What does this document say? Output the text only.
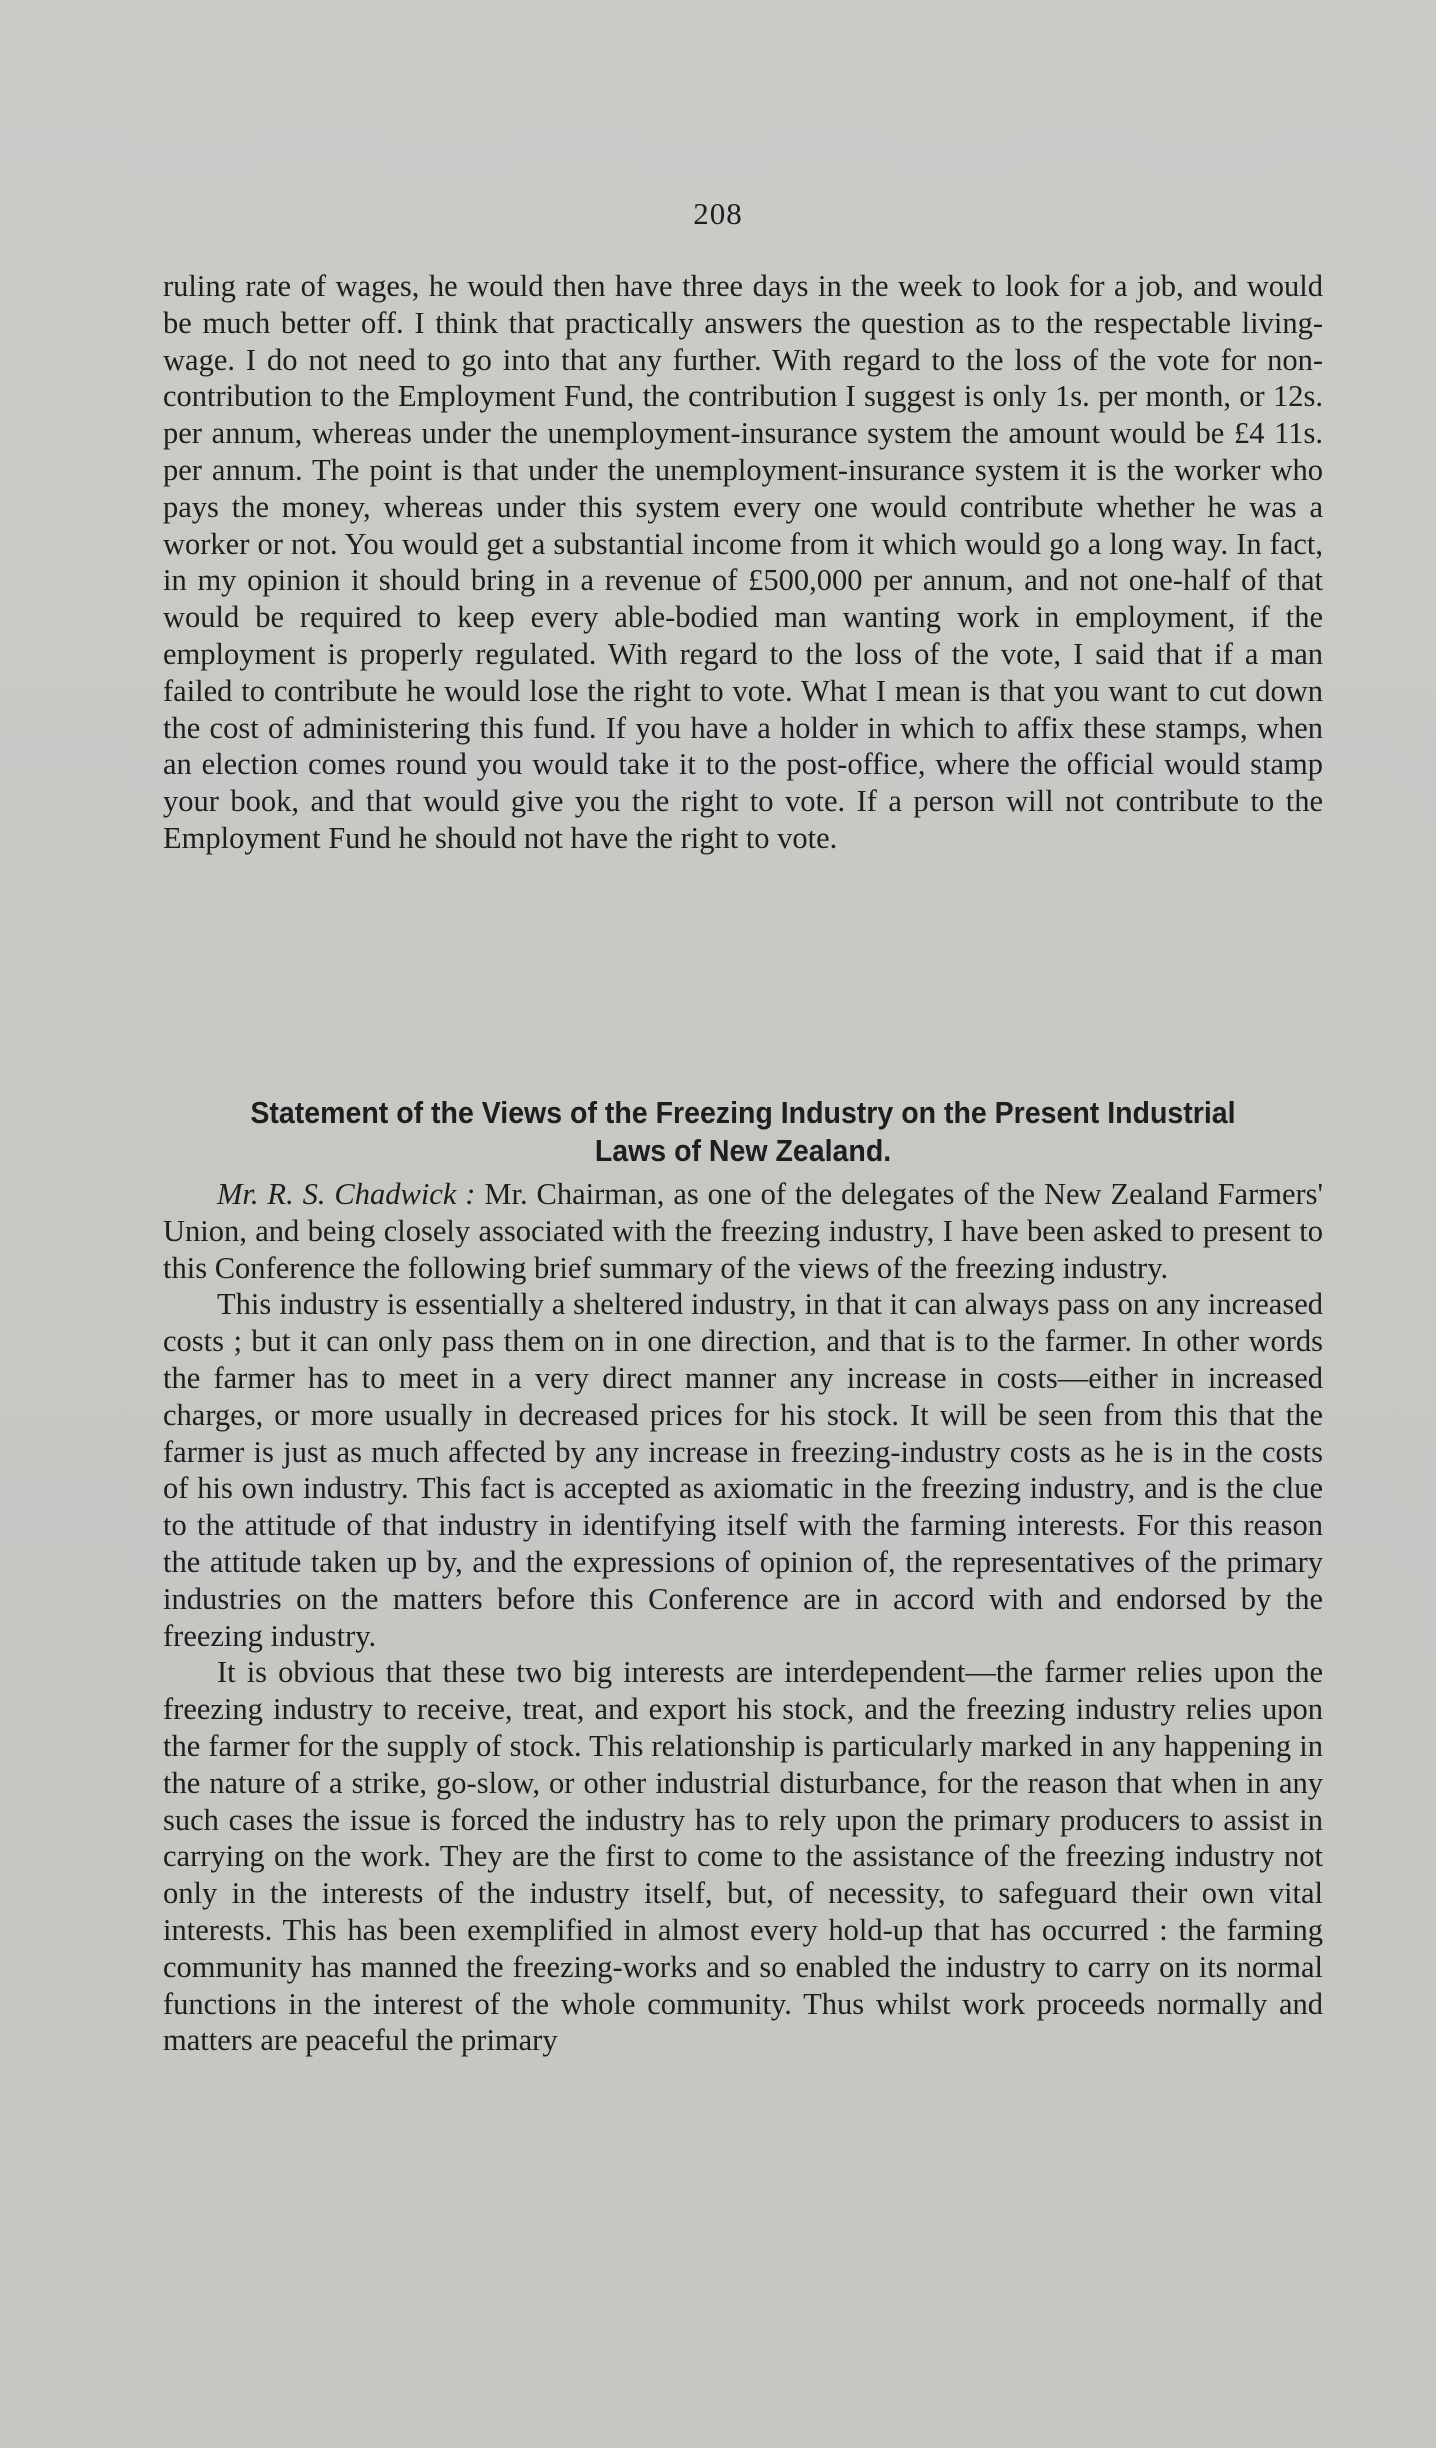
208

ruling rate of wages, he would then have three days in the week to look for a job, and would be much better off. I think that practically answers the question as to the respectable living-wage. I do not need to go into that any further. With regard to the loss of the vote for non-contribution to the Employment Fund, the contribution I suggest is only 1s. per month, or 12s. per annum, whereas under the unemployment-insurance system the amount would be £4 11s. per annum. The point is that under the unemployment-insurance system it is the worker who pays the money, whereas under this system every one would contribute whether he was a worker or not. You would get a substantial income from it which would go a long way. In fact, in my opinion it should bring in a revenue of £500,000 per annum, and not one-half of that would be required to keep every able-bodied man wanting work in employment, if the employment is properly regulated. With regard to the loss of the vote, I said that if a man failed to contribute he would lose the right to vote. What I mean is that you want to cut down the cost of administering this fund. If you have a holder in which to affix these stamps, when an election comes round you would take it to the post-office, where the official would stamp your book, and that would give you the right to vote. If a person will not contribute to the Employment Fund he should not have the right to vote.

Statement of the Views of the Freezing Industry on the Present Industrial
Laws of New Zealand.

Mr. R. S. Chadwick : Mr. Chairman, as one of the delegates of the New Zealand Farmers' Union, and being closely associated with the freezing industry, I have been asked to present to this Conference the following brief summary of the views of the freezing industry.

This industry is essentially a sheltered industry, in that it can always pass on any increased costs ; but it can only pass them on in one direction, and that is to the farmer. In other words the farmer has to meet in a very direct manner any increase in costs—either in increased charges, or more usually in decreased prices for his stock. It will be seen from this that the farmer is just as much affected by any increase in freezing-industry costs as he is in the costs of his own industry. This fact is accepted as axiomatic in the freezing industry, and is the clue to the attitude of that industry in identifying itself with the farming interests. For this reason the attitude taken up by, and the expressions of opinion of, the representatives of the primary industries on the matters before this Conference are in accord with and endorsed by the freezing industry.

It is obvious that these two big interests are interdependent—the farmer relies upon the freezing industry to receive, treat, and export his stock, and the freezing industry relies upon the farmer for the supply of stock. This relationship is particularly marked in any happening in the nature of a strike, go-slow, or other industrial disturbance, for the reason that when in any such cases the issue is forced the industry has to rely upon the primary producers to assist in carrying on the work. They are the first to come to the assistance of the freezing industry not only in the interests of the industry itself, but, of necessity, to safeguard their own vital interests. This has been exemplified in almost every hold-up that has occurred : the farming community has manned the freezing-works and so enabled the industry to carry on its normal functions in the interest of the whole community. Thus whilst work proceeds normally and matters are peaceful the primary
